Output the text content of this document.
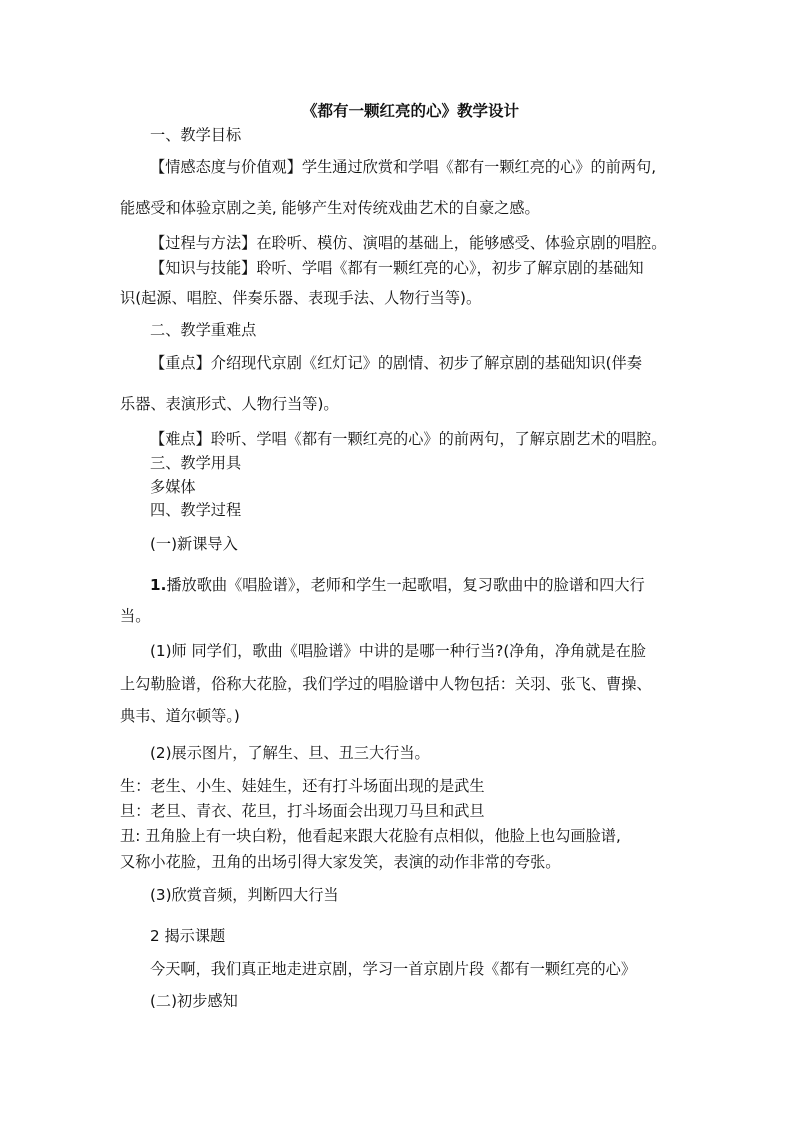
《都有一颗红亮的心》教学设计
一、教学目标
【情感态度与价值观】学生通过欣赏和学唱《都有一颗红亮的心》的前两句,
能感受和体验京剧之美, 能够产生对传统戏曲艺术的自豪之感。
【过程与方法】在聆听、模仿、演唱的基础上，能够感受、体验京剧的唱腔。
【知识与技能】聆听、学唱《都有一颗红亮的心》，初步了解京剧的基础知
识(起源、唱腔、伴奏乐器、表现手法、人物行当等)。
二、教学重难点
【重点】介绍现代京剧《红灯记》的剧情、初步了解京剧的基础知识(伴奏
乐器、表演形式、人物行当等)。
【难点】聆听、学唱《都有一颗红亮的心》的前两句，了解京剧艺术的唱腔。
三、教学用具
多媒体
四、教学过程
(一)新课导入
1.播放歌曲《唱脸谱》，老师和学生一起歌唱，复习歌曲中的脸谱和四大行
当。
(1)师 同学们，歌曲《唱脸谱》中讲的是哪一种行当?(净角，净角就是在脸
上勾勒脸谱，俗称大花脸，我们学过的唱脸谱中人物包括：关羽、张飞、曹操、
典韦、道尔顿等。)
(2)展示图片，了解生、旦、丑三大行当。
生：老生、小生、娃娃生，还有打斗场面出现的是武生
旦：老旦、青衣、花旦，打斗场面会出现刀马旦和武旦
丑: 丑角脸上有一块白粉，他看起来跟大花脸有点相似，他脸上也勾画脸谱,
又称小花脸，丑角的出场引得大家发笑，表演的动作非常的夸张。
(3)欣赏音频，判断四大行当
2 揭示课题
今天啊，我们真正地走进京剧，学习一首京剧片段《都有一颗红亮的心》
(二)初步感知
